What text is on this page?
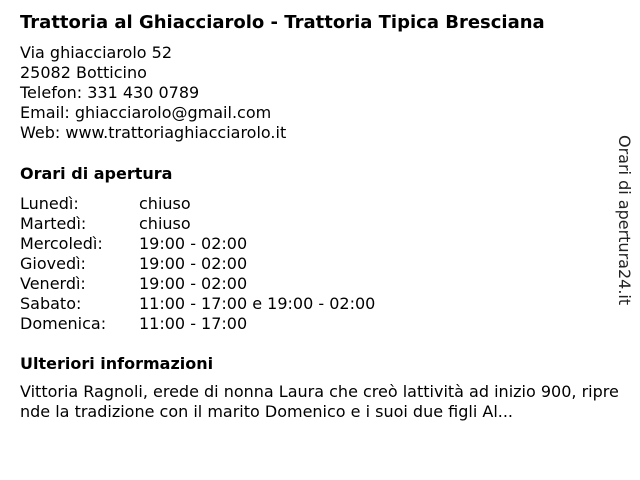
Trattoria al Ghiacciarolo - Trattoria Tipica Bresciana
Via ghiacciarolo 52
25082 Botticino
Telefon: 331 430 0789
Email: ghiacciarolo@gmail.com
Web: www.trattoriaghiacciarolo.it
Orari di apertura
Lunedì:	chiuso
Martedì:	chiuso
Mercoledì:	19:00 - 02:00
Giovedì:	19:00 - 02:00
Venerdì:	19:00 - 02:00
Sabato:	11:00 - 17:00 e 19:00 - 02:00
Domenica:	11:00 - 17:00
Ulteriori informazioni
Vittoria Ragnoli, erede di nonna Laura che creò lattività ad inizio 900, riprende la tradizione con il marito Domenico e i suoi due figli Al...
Orari di apertura24.it
